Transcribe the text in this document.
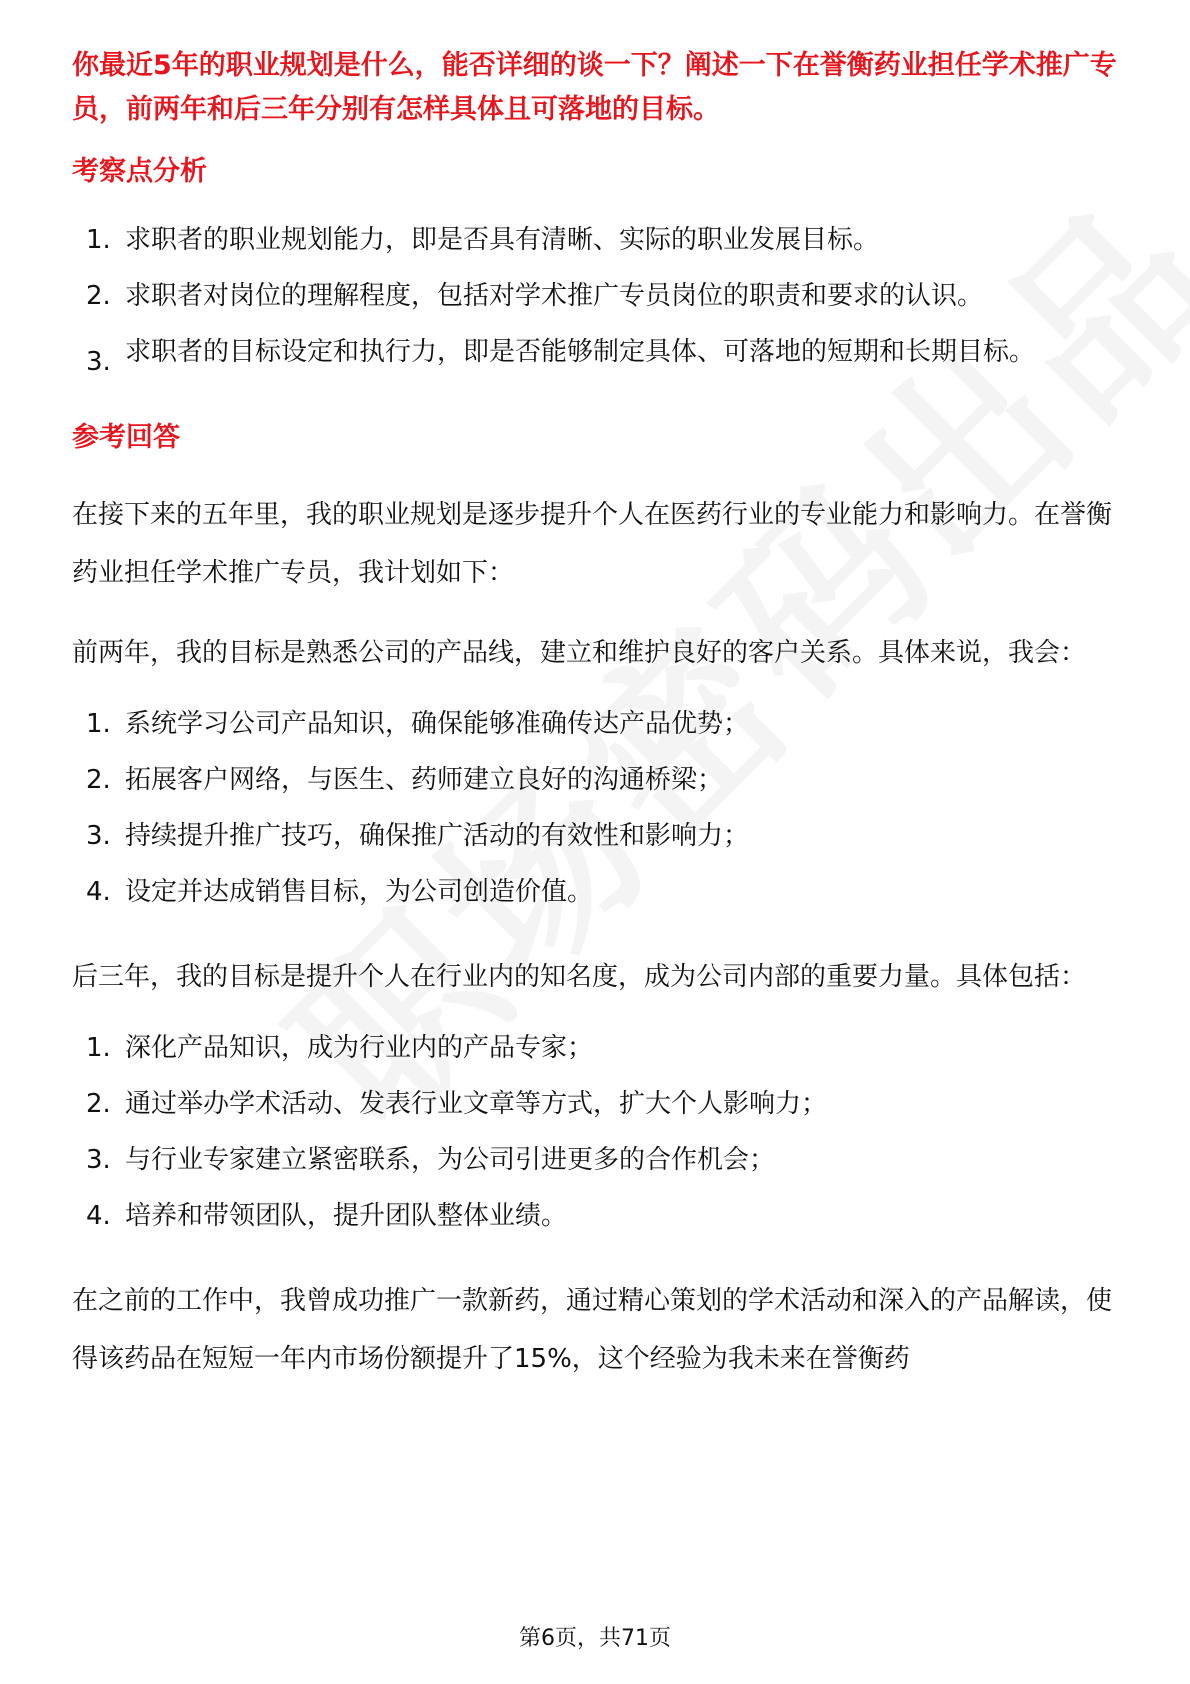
你最近5年的职业规划是什么，能否详细的谈一下？阐述一下在誉衡药业担任学术推广专员，前两年和后三年分别有怎样具体且可落地的目标。
考察点分析
1. 求职者的职业规划能力，即是否具有清晰、实际的职业发展目标。
2. 求职者对岗位的理解程度，包括对学术推广专员岗位的职责和要求的认识。
3. 求职者的目标设定和执行力，即是否能够制定具体、可落地的短期和长期目标。
参考回答

在接下来的五年里，我的职业规划是逐步提升个人在医药行业的专业能力和影响力。在誉衡药业担任学术推广专员，我计划如下：

前两年，我的目标是熟悉公司的产品线，建立和维护良好的客户关系。具体来说，我会：

1. 系统学习公司产品知识，确保能够准确传达产品优势；
2. 拓展客户网络，与医生、药师建立良好的沟通桥梁；
3. 持续提升推广技巧，确保推广活动的有效性和影响力；
4. 设定并达成销售目标，为公司创造价值。

后三年，我的目标是提升个人在行业内的知名度，成为公司内部的重要力量。具体包括：

1. 深化产品知识，成为行业内的产品专家；
2. 通过举办学术活动、发表行业文章等方式，扩大个人影响力；
3. 与行业专家建立紧密联系，为公司引进更多的合作机会；
4. 培养和带领团队，提升团队整体业绩。

在之前的工作中，我曾成功推广一款新药，通过精心策划的学术活动和深入的产品解读，使得该药品在短短一年内市场份额提升了15%，这个经验为我未来在誉衡药

第6页，共71页
